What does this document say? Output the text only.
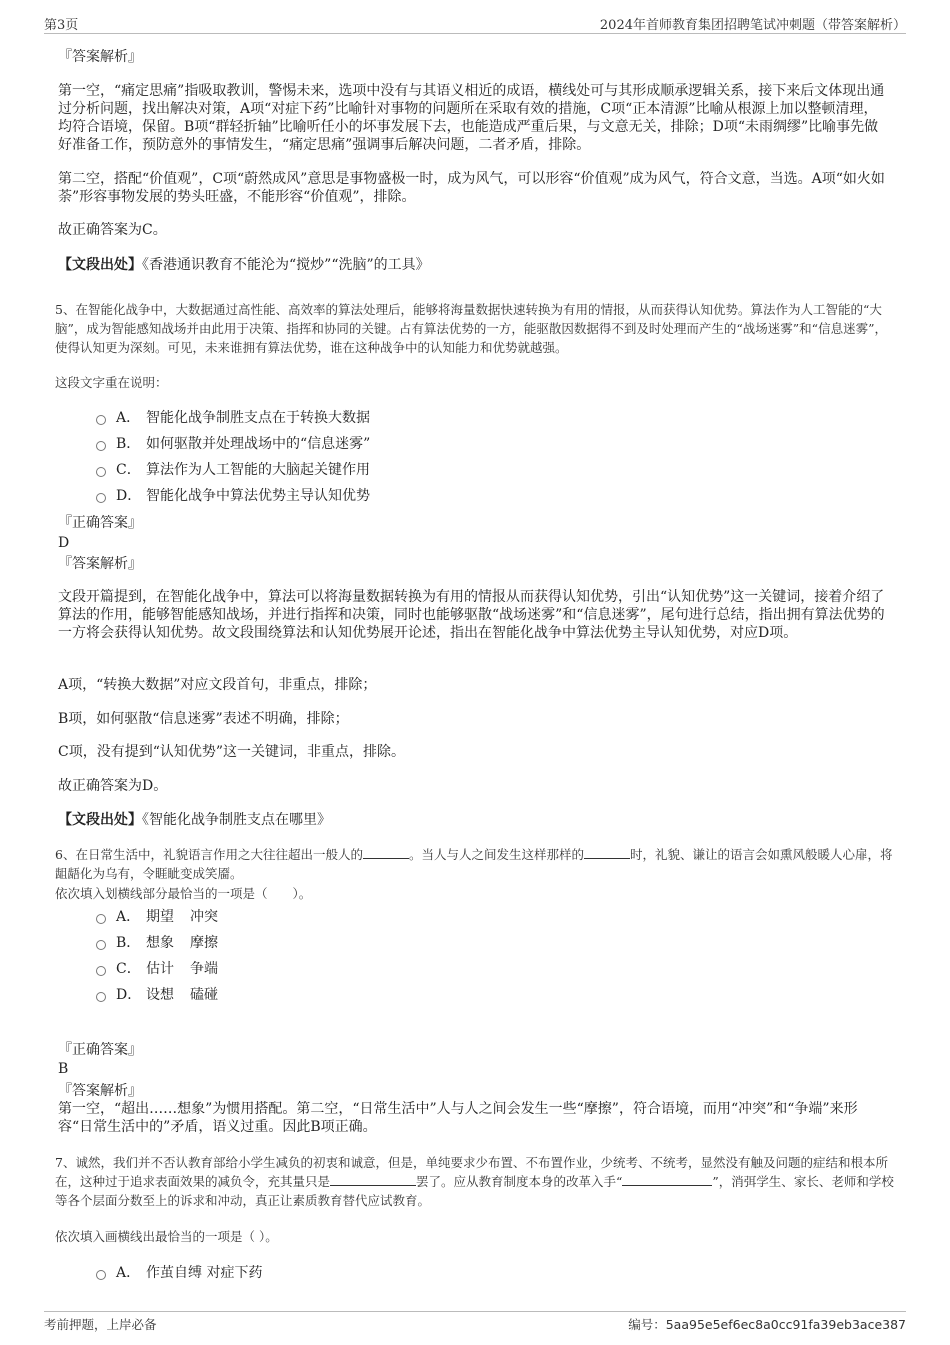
第3页	2024年首师教育集团招聘笔试冲刺题（带答案解析）
『答案解析』
第一空，“痛定思痛”指吸取教训，警惕未来，选项中没有与其语义相近的成语，横线处可与其形成顺承逻辑关系，接下来后文体现出通过分析问题，找出解决对策，A项“对症下药”比喻针对事物的问题所在采取有效的措施，C项“正本清源”比喻从根源上加以整顿清理，均符合语境，保留。B项“群轻折轴”比喻听任小的坏事发展下去，也能造成严重后果，与文意无关，排除；D项“未雨绸缪”比喻事先做好准备工作，预防意外的事情发生，“痛定思痛”强调事后解决问题，二者矛盾，排除。
第二空，搭配“价值观”，C项“蔚然成风”意思是事物盛极一时，成为风气，可以形容“价值观”成为风气，符合文意，当选。A项“如火如荼”形容事物发展的势头旺盛，不能形容“价值观”，排除。
故正确答案为C。
【文段出处】《香港通识教育不能沦为“搅炒”“洗脑”的工具》
5、在智能化战争中，大数据通过高性能、高效率的算法处理后，能够将海量数据快速转换为有用的情报，从而获得认知优势。算法作为人工智能的“大脑”，成为智能感知战场并由此用于决策、指挥和协同的关键。占有算法优势的一方，能驱散因数据得不到及时处理而产生的“战场迷雾”和“信息迷雾”，使得认知更为深刻。可见，未来谁拥有算法优势，谁在这种战争中的认知能力和优势就越强。
这段文字重在说明：
A． 智能化战争制胜支点在于转换大数据
B． 如何驱散并处理战场中的“信息迷雾”
C． 算法作为人工智能的大脑起关键作用
D． 智能化战争中算法优势主导认知优势
『正确答案』
D
『答案解析』
文段开篇提到，在智能化战争中，算法可以将海量数据转换为有用的情报从而获得认知优势，引出“认知优势”这一关键词，接着介绍了算法的作用，能够智能感知战场，并进行指挥和决策，同时也能够驱散“战场迷雾”和“信息迷雾”，尾句进行总结，指出拥有算法优势的一方将会获得认知优势。故文段围绕算法和认知优势展开论述，指出在智能化战争中算法优势主导认知优势，对应D项。
A项，“转换大数据”对应文段首句，非重点，排除；
B项，如何驱散“信息迷雾”表述不明确，排除；
C项，没有提到“认知优势”这一关键词，非重点，排除。
故正确答案为D。
【文段出处】《智能化战争制胜支点在哪里》
6、在日常生活中，礼貌语言作用之大往往超出一般人的	。当人与人之间发生这样那样的	时，礼貌、谦让的语言会如熏风般暖人心扉，将龃龉化为乌有，令睚眦变成笑靥。
依次填入划横线部分最恰当的一项是（　　）。
A． 期望 冲突
B． 想象 摩擦
C． 估计 争端
D． 设想 磕碰
『正确答案』
B
『答案解析』
第一空，“超出……想象”为惯用搭配。第二空，“日常生活中”人与人之间会发生一些“摩擦”，符合语境，而用“冲突”和“争端”来形容“日常生活中的”矛盾，语义过重。因此B项正确。
7、诚然，我们并不否认教育部给小学生减负的初衷和诚意，但是，单纯要求少布置、不布置作业，少统考、不统考，显然没有触及问题的症结和根本所在，这种过于追求表面效果的减负令，充其量只是	罢了。应从教育制度本身的改革入手“	”，消弭学生、家长、老师和学校等各个层面分数至上的诉求和冲动，真正让素质教育替代应试教育。
依次填入画横线出最恰当的一项是（ ）。
A． 作茧自缚 对症下药
考前押题，上岸必备	编号：5aa95e5ef6ec8a0cc91fa39eb3ace387
